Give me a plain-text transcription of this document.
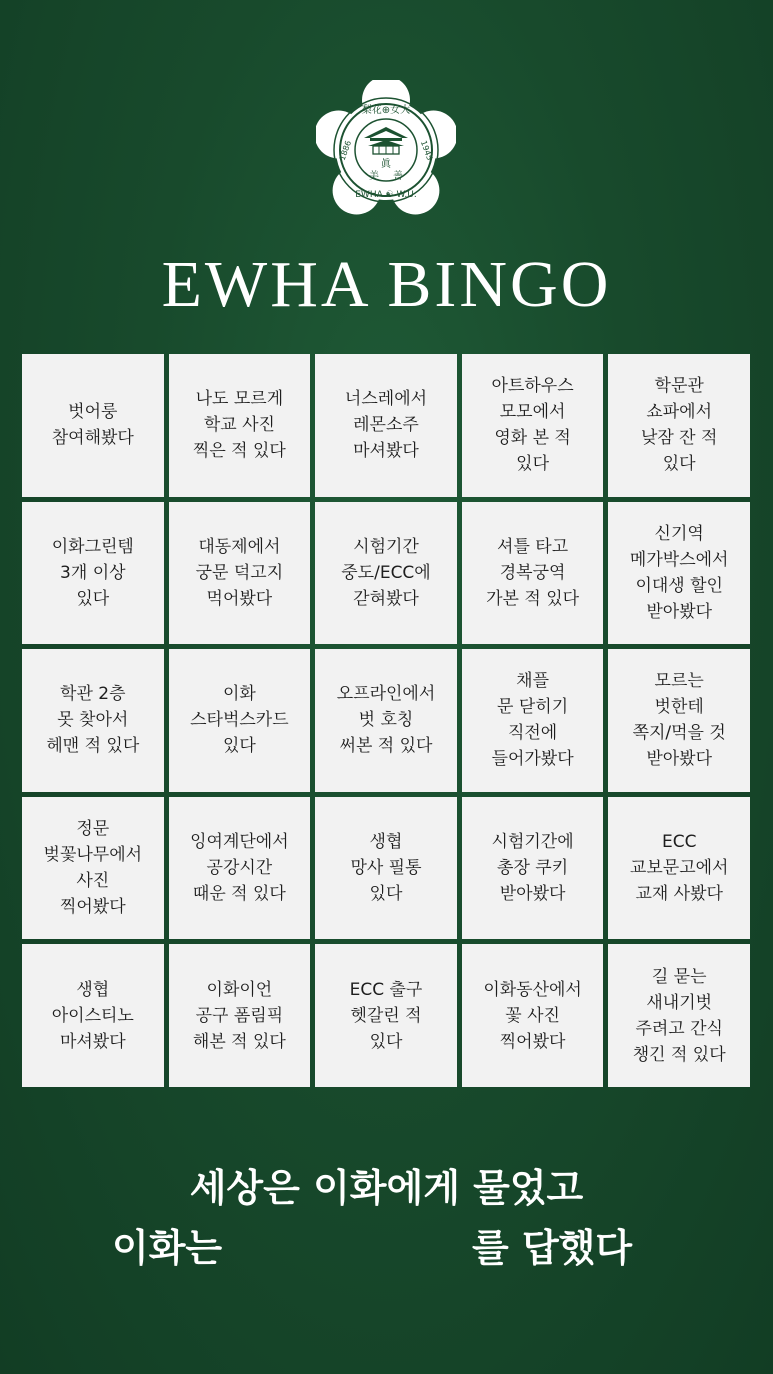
梨花⊕女大
1886	1945
EWHA ☯ W.U.
眞
美 善
EWHA BINGO
벗어룽
참여해봤다
나도 모르게
학교 사진
찍은 적 있다
너스레에서
레몬소주
마셔봤다
아트하우스
모모에서
영화 본 적
있다
학문관
쇼파에서
낮잠 잔 적
있다
이화그린템
3개 이상
있다
대동제에서
궁문 덕고지
먹어봤다
시험기간
중도/ECC에
갇혀봤다
셔틀 타고
경복궁역
가본 적 있다
신기역
메가박스에서
이대생 할인
받아봤다
학관 2층
못 찾아서
헤맨 적 있다
이화
스타벅스카드
있다
오프라인에서
벗 호칭
써본 적 있다
채플
문 닫히기
직전에
들어가봤다
모르는
벗한테
쪽지/먹을 것
받아봤다
정문
벚꽃나무에서
사진
찍어봤다
잉여계단에서
공강시간
때운 적 있다
생협
망사 필통
있다
시험기간에
총장 쿠키
받아봤다
ECC
교보문고에서
교재 사봤다
생협
아이스티노
마셔봤다
이화이언
공구 폼림픽
해본 적 있다
ECC 출구
헷갈린 적
있다
이화동산에서
꽃 사진
찍어봤다
길 묻는
새내기벗
주려고 간식
챙긴 적 있다
세상은 이화에게 물었고
이화는	를 답했다
